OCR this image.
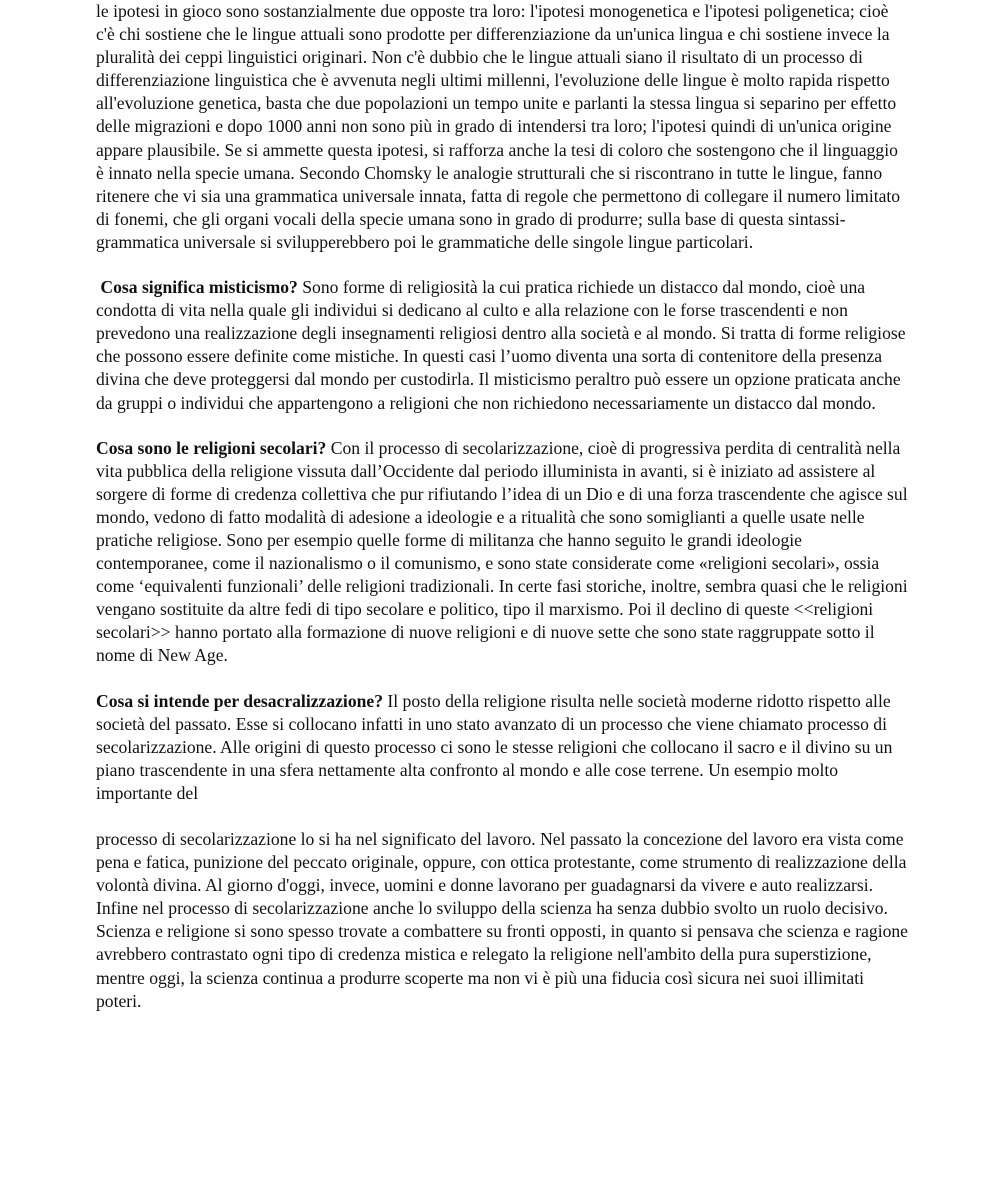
le ipotesi in gioco sono sostanzialmente due opposte tra loro: l'ipotesi monogenetica e l'ipotesi poligenetica; cioè c'è chi sostiene che le lingue attuali sono prodotte per differenziazione da un'unica lingua e chi sostiene invece la pluralità dei ceppi linguistici originari. Non c'è dubbio che le lingue attuali siano il risultato di un processo di differenziazione linguistica che è avvenuta negli ultimi millenni, l'evoluzione delle lingue è molto rapida rispetto all'evoluzione genetica, basta che due popolazioni un tempo unite e parlanti la stessa lingua si separino per effetto delle migrazioni e dopo 1000 anni non sono più in grado di intendersi tra loro; l'ipotesi quindi di un'unica origine appare plausibile. Se si ammette questa ipotesi, si rafforza anche la tesi di coloro che sostengono che il linguaggio è innato nella specie umana. Secondo Chomsky le analogie strutturali che si riscontrano in tutte le lingue, fanno ritenere che vi sia una grammatica universale innata, fatta di regole che permettono di collegare il numero limitato di fonemi, che gli organi vocali della specie umana sono in grado di produrre; sulla base di questa sintassi-grammatica universale si svilupperebbero poi le grammatiche delle singole lingue particolari.

Cosa significa misticismo? Sono forme di religiosità la cui pratica richiede un distacco dal mondo, cioè una condotta di vita nella quale gli individui si dedicano al culto e alla relazione con le forse trascendenti e non prevedono una realizzazione degli insegnamenti religiosi dentro alla società e al mondo. Si tratta di forme religiose che possono essere definite come mistiche. In questi casi l’uomo diventa una sorta di contenitore della presenza divina che deve proteggersi dal mondo per custodirla. Il misticismo peraltro può essere un opzione praticata anche da gruppi o individui che appartengono a religioni che non richiedono necessariamente un distacco dal mondo.

Cosa sono le religioni secolari? Con il processo di secolarizzazione, cioè di progressiva perdita di centralità nella vita pubblica della religione vissuta dall’Occidente dal periodo illuminista in avanti, si è iniziato ad assistere al sorgere di forme di credenza collettiva che pur rifiutando l’idea di un Dio e di una forza trascendente che agisce sul mondo, vedono di fatto modalità di adesione a ideologie e a ritualità che sono somiglianti a quelle usate nelle pratiche religiose. Sono per esempio quelle forme di militanza che hanno seguito le grandi ideologie contemporanee, come il nazionalismo o il comunismo, e sono state considerate come «religioni secolari», ossia come ‘equivalenti funzionali’ delle religioni tradizionali. In certe fasi storiche, inoltre, sembra quasi che le religioni vengano sostituite da altre fedi di tipo secolare e politico, tipo il marxismo. Poi il declino di queste <<religioni secolari>> hanno portato alla formazione di nuove religioni e di nuove sette che sono state raggruppate sotto il nome di New Age.

Cosa si intende per desacralizzazione? Il posto della religione risulta nelle società moderne ridotto rispetto alle società del passato. Esse si collocano infatti in uno stato avanzato di un processo che viene chiamato processo di secolarizzazione. Alle origini di questo processo ci sono le stesse religioni che collocano il sacro e il divino su un piano trascendente in una sfera nettamente alta confronto al mondo e alle cose terrene. Un esempio molto importante del

processo di secolarizzazione lo si ha nel significato del lavoro. Nel passato la concezione del lavoro era vista come pena e fatica, punizione del peccato originale, oppure, con ottica protestante, come strumento di realizzazione della volontà divina. Al giorno d'oggi, invece, uomini e donne lavorano per guadagnarsi da vivere e auto realizzarsi. Infine nel processo di secolarizzazione anche lo sviluppo della scienza ha senza dubbio svolto un ruolo decisivo. Scienza e religione si sono spesso trovate a combattere su fronti opposti, in quanto si pensava che scienza e ragione avrebbero contrastato ogni tipo di credenza mistica e relegato la religione nell'ambito della pura superstizione, mentre oggi, la scienza continua a produrre scoperte ma non vi è più una fiducia così sicura nei suoi illimitati poteri.
